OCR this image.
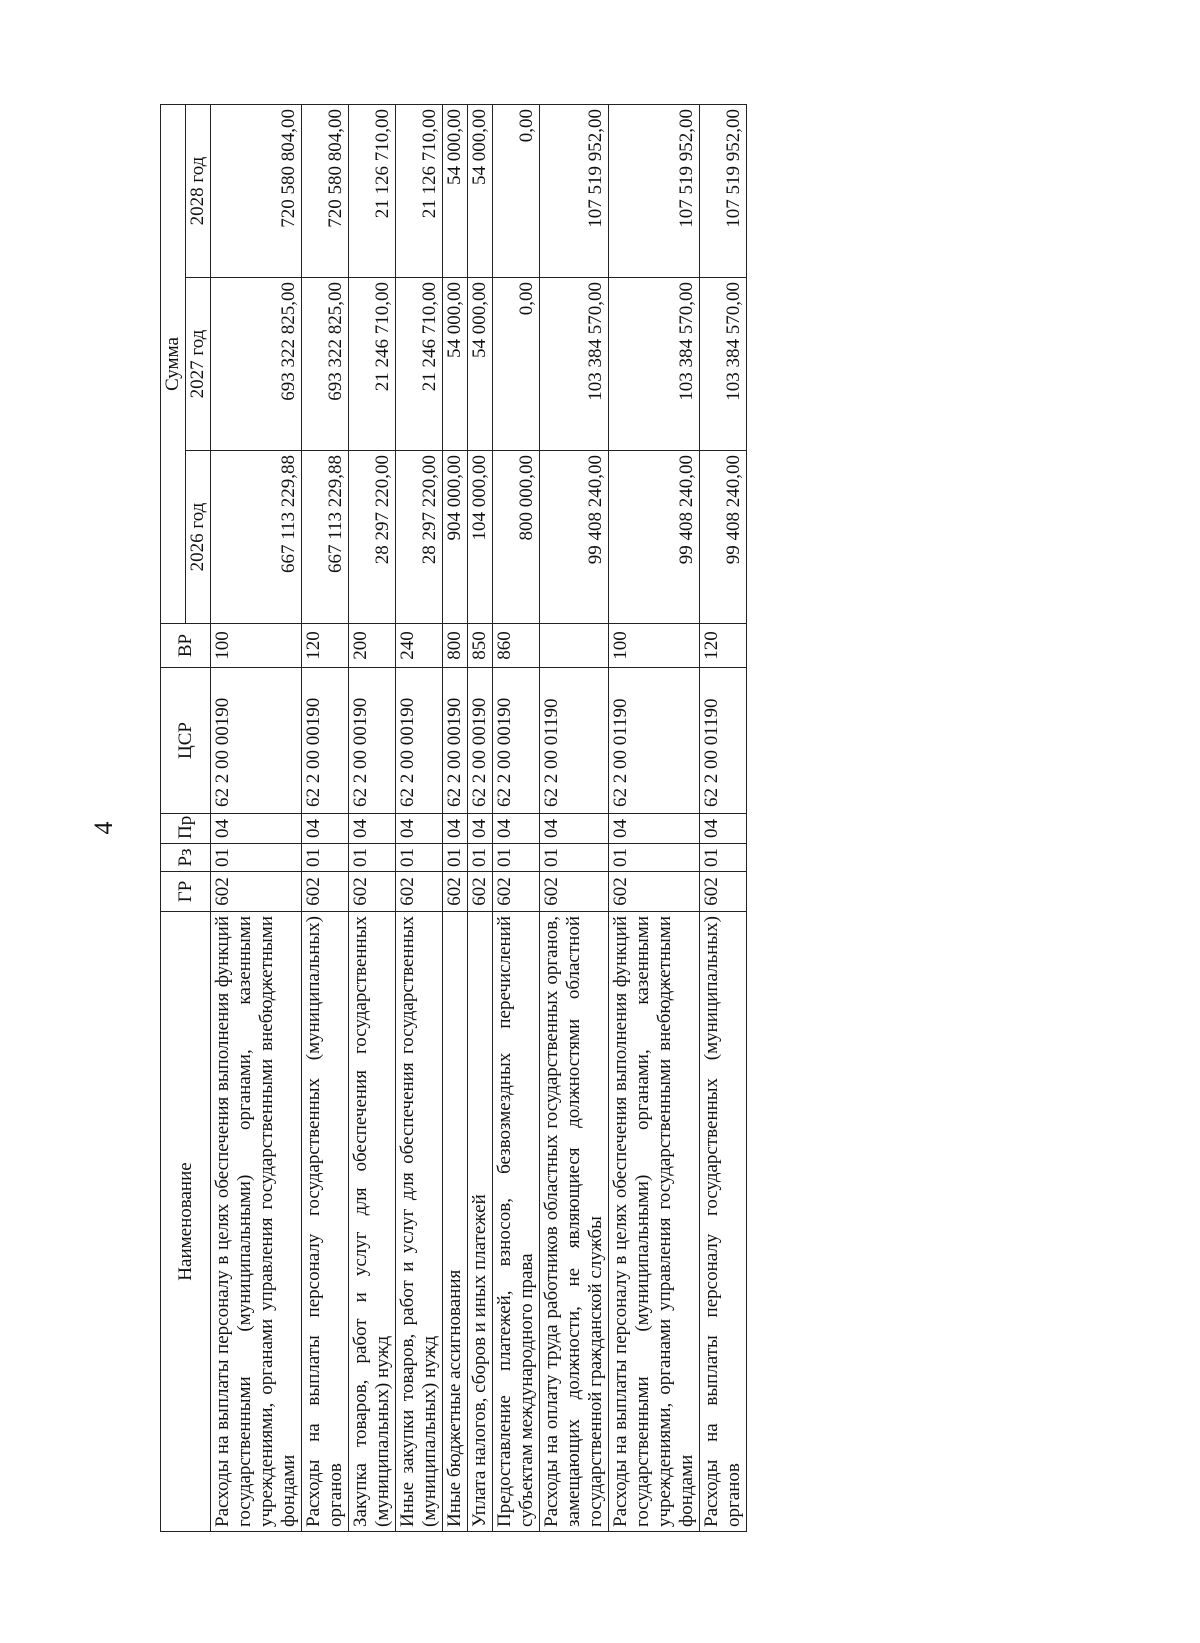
4
Наименование	ГР	Рз	Пр	ЦСР	ВР	Сумма		
						2026 год	2027 год	2028 год
Расходы на выплаты персоналу в целях обеспечения выполнения функций государственными (муниципальными) органами, казенными учреждениями, органами управления государственными внебюджетными фондами	602	01	04	62 2 00 00190	100	667 113 229,88	693 322 825,00	720 580 804,00
Расходы на выплаты персоналу государственных (муниципальных) органов	602	01	04	62 2 00 00190	120	667 113 229,88	693 322 825,00	720 580 804,00
Закупка товаров, работ и услуг для обеспечения государственных (муниципальных) нужд	602	01	04	62 2 00 00190	200	28 297 220,00	21 246 710,00	21 126 710,00
Иные закупки товаров, работ и услуг для обеспечения государственных (муниципальных) нужд	602	01	04	62 2 00 00190	240	28 297 220,00	21 246 710,00	21 126 710,00
Иные бюджетные ассигнования	602	01	04	62 2 00 00190	800	904 000,00	54 000,00	54 000,00
Уплата налогов, сборов и иных платежей	602	01	04	62 2 00 00190	850	104 000,00	54 000,00	54 000,00
Предоставление платежей, взносов, безвозмездных перечислений субъектам международного права	602	01	04	62 2 00 00190	860	800 000,00	0,00	0,00
Расходы на оплату труда работников областных государственных органов, замещающих должности, не являющиеся должностями областной государственной гражданской службы	602	01	04	62 2 00 01190		99 408 240,00	103 384 570,00	107 519 952,00
Расходы на выплаты персоналу в целях обеспечения выполнения функций государственными (муниципальными) органами, казенными учреждениями, органами управления государственными внебюджетными фондами	602	01	04	62 2 00 01190	100	99 408 240,00	103 384 570,00	107 519 952,00
Расходы на выплаты персоналу государственных (муниципальных) органов	602	01	04	62 2 00 01190	120	99 408 240,00	103 384 570,00	107 519 952,00
